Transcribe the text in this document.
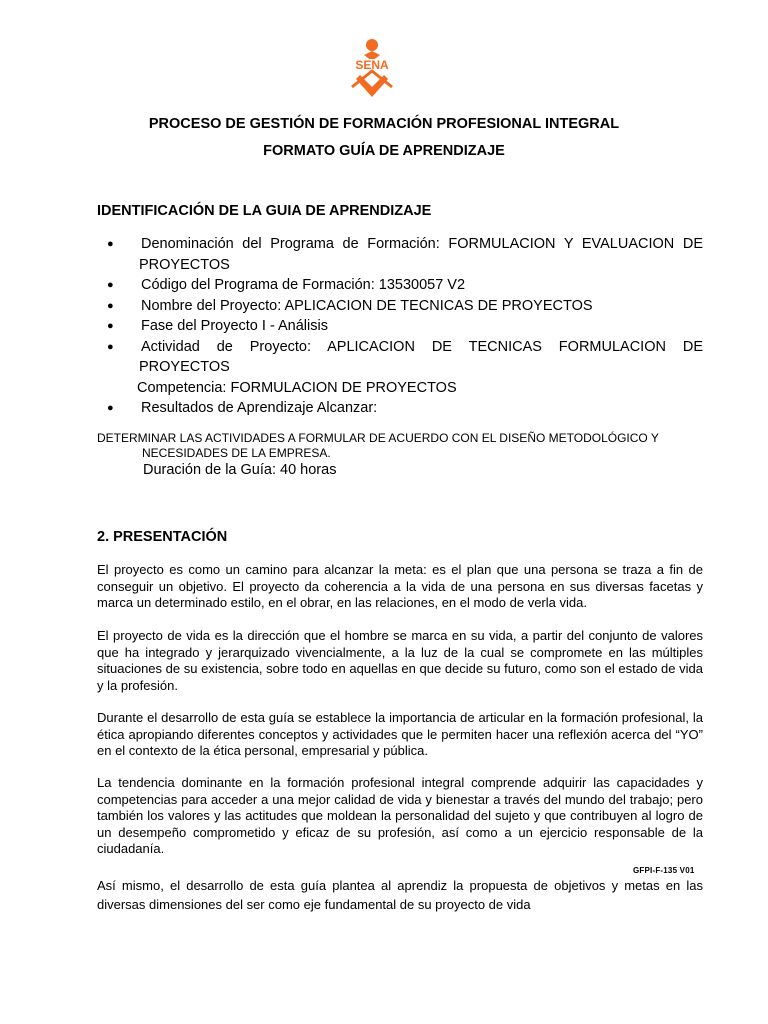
SENA
PROCESO DE GESTIÓN DE FORMACIÓN PROFESIONAL INTEGRAL
FORMATO GUÍA DE APRENDIZAJE
IDENTIFICACIÓN DE LA GUIA DE APRENDIZAJE
● Denominación del Programa de Formación: FORMULACION Y EVALUACION DE
PROYECTOS
● Código del Programa de Formación: 13530057 V2
● Nombre del Proyecto: APLICACION DE TECNICAS DE PROYECTOS
● Fase del Proyecto I - Análisis
● Actividad de Proyecto: APLICACION DE TECNICAS FORMULACION DE
PROYECTOS
Competencia: FORMULACION DE PROYECTOS
● Resultados de Aprendizaje Alcanzar:
DETERMINAR LAS ACTIVIDADES A FORMULAR DE ACUERDO CON EL DISEÑO METODOLÓGICO Y
NECESIDADES DE LA EMPRESA.
Duración de la Guía: 40 horas
2. PRESENTACIÓN

El proyecto es como un camino para alcanzar la meta: es el plan que una persona se traza a fin de conseguir un objetivo. El proyecto da coherencia a la vida de una persona en sus diversas facetas y marca un determinado estilo, en el obrar, en las relaciones, en el modo de verla vida.

El proyecto de vida es la dirección que el hombre se marca en su vida, a partir del conjunto de valores que ha integrado y jerarquizado vivencialmente, a la luz de la cual se compromete en las múltiples situaciones de su existencia, sobre todo en aquellas en que decide su futuro, como son el estado de vida y la profesión.

Durante el desarrollo de esta guía se establece la importancia de articular en la formación profesional, la ética apropiando diferentes conceptos y actividades que le permiten hacer una reflexión acerca del “YO” en el contexto de la ética personal, empresarial y pública.

La tendencia dominante en la formación profesional integral comprende adquirir las capacidades y competencias para acceder a una mejor calidad de vida y bienestar a través del mundo del trabajo; pero también los valores y las actitudes que moldean la personalidad del sujeto y que contribuyen al logro de un desempeño comprometido y eficaz de su profesión, así como a un ejercicio responsable de la ciudadanía.

GFPI-F-135 V01
Así mismo, el desarrollo de esta guía plantea al aprendiz la propuesta de objetivos y metas en las
diversas dimensiones del ser como eje fundamental de su proyecto de vida
